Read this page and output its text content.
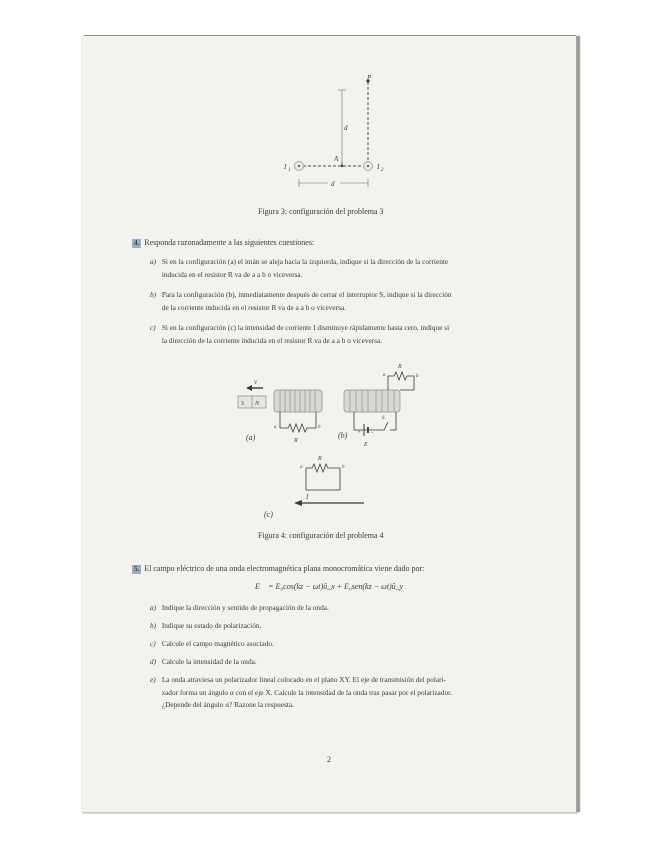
P
d
A
I 1	I 2
d
Figura 3: configuración del problema 3
4. Responda razonadamente a las siguientes cuestiones:
a) Si en la configuración (a) el imán se aleja hacia la izquierda, indique si la dirección de la corriente
inducida en el resistor R va de a a b o viceversa.
b) Para la configuración (b), inmediatamente después de cerrar el interruptor S, indique si la dirección
de la corriente inducida en el resistor R va de a a b o viceversa.
c) Si en la configuración (c) la intensidad de corriente I disminuye rápidamente hasta cero, indique si
la dirección de la corriente inducida en el resistor R va de a a b o viceversa.
S N
v
a	b
R
(a)
R
a	b
S
+ −
E
(b)
R
a	b
I
(c)
Figura 4: configuración del problema 4
5. El campo eléctrico de una onda electromagnética plana monocromática viene dado por:
E⃗ = E₀cos(kz − ωt)û_x + E₀sen(kz − ωt)û_y
a) Indique la dirección y sentido de propagación de la onda.
b) Indique su estado de polarización.
c) Calcule el campo magnético asociado.
d) Calcule la intensidad de la onda.
e) La onda atraviesa un polarizador lineal colocado en el plano XY. El eje de transmisión del polari-
zador forma un ángulo α con el eje X. Calcule la intensidad de la onda tras pasar por el polarizador.
¿Depende del ángulo α? Razone la respuesta.
2
